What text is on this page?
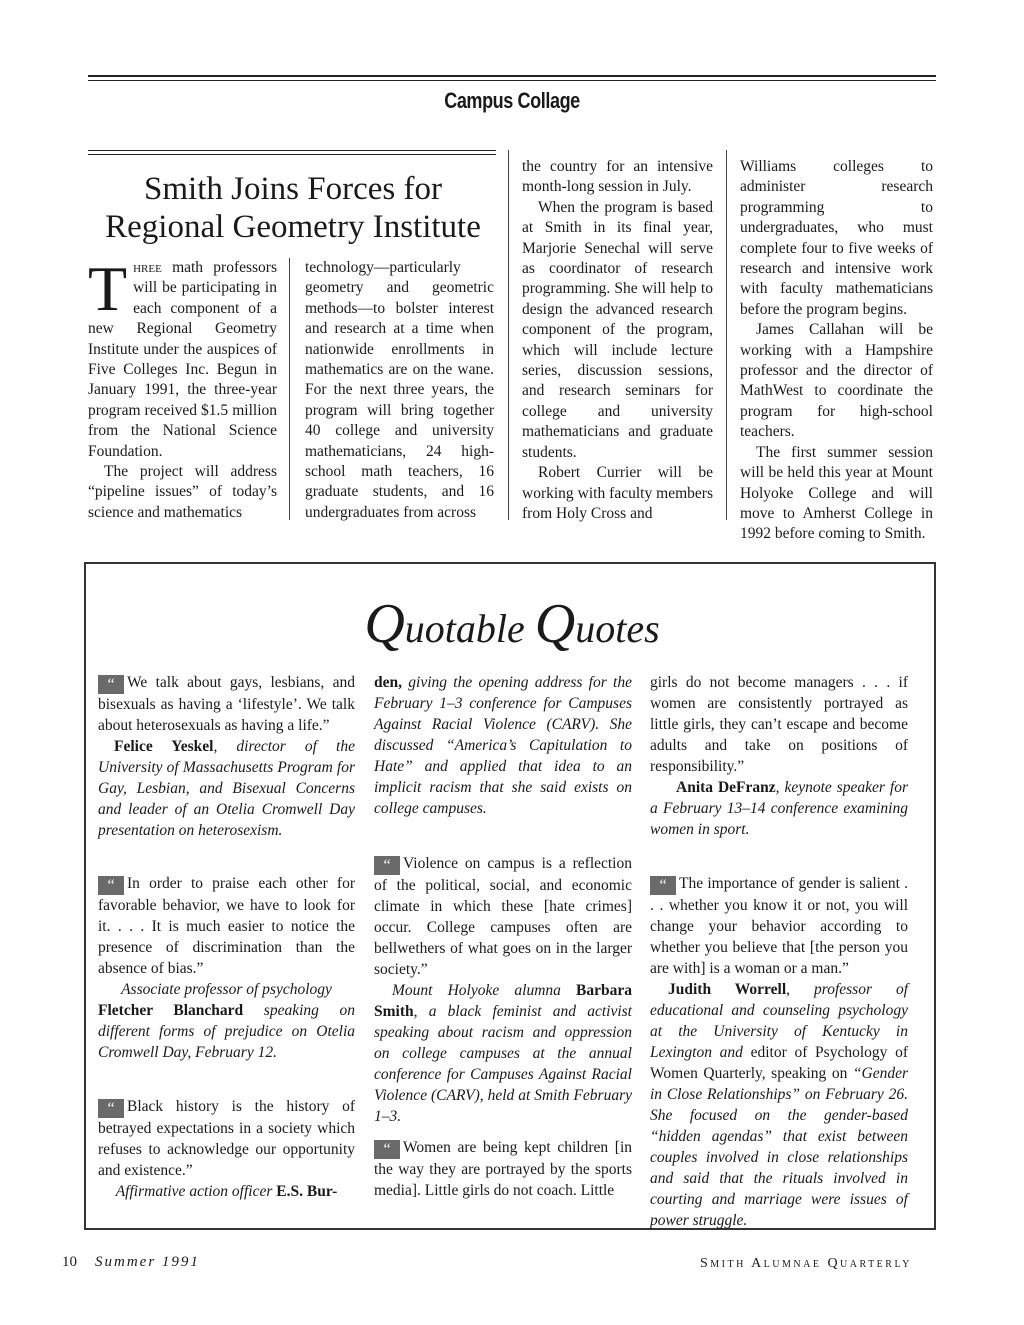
Campus Collage
Smith Joins Forces for
Regional Geometry Institute

Three math professors will be participating in each component of a new Regional Geometry Institute under the auspices of Five Colleges Inc. Begun in January 1991, the three-year program received $1.5 million from the National Science Foundation.

The project will address “pipeline issues” of today’s science and mathematics

technology—particularly geometry and geometric methods—to bolster interest and research at a time when nationwide enrollments in mathematics are on the wane. For the next three years, the program will bring together 40 college and university mathematicians, 24 high-school math teachers, 16 graduate students, and 16 undergraduates from across

the country for an intensive month-long session in July.

When the program is based at Smith in its final year, Marjorie Senechal will serve as coordinator of research programming. She will help to design the advanced research component of the program, which will include lecture series, discussion sessions, and research seminars for college and university mathematicians and graduate students.

Robert Currier will be working with faculty members from Holy Cross and

Williams colleges to administer research programming to undergraduates, who must complete four to five weeks of research and intensive work with faculty mathematicians before the program begins.

James Callahan will be working with a Hampshire professor and the director of MathWest to coordinate the program for high-school teachers.

The first summer session will be held this year at Mount Holyoke College and will move to Amherst College in 1992 before coming to Smith.

Quotable Quotes

“ We talk about gays, lesbians, and bisexuals as having a ‘lifestyle’. We talk about heterosexuals as having a life.”

Felice Yeskel, director of the University of Massachusetts Program for Gay, Lesbian, and Bisexual Concerns and leader of an Otelia Cromwell Day presentation on heterosexism.

“ In order to praise each other for favorable behavior, we have to look for it. . . . It is much easier to notice the presence of discrimination than the absence of bias.”

Associate professor of psychology

Fletcher Blanchard speaking on different forms of prejudice on Otelia Cromwell Day, February 12.

“ Black history is the history of betrayed expectations in a society which refuses to acknowledge our opportunity and existence.”

Affirmative action officer E.S. Bur-

den, giving the opening address for the February 1–3 conference for Campuses Against Racial Violence (CARV). She discussed “America’s Capitulation to Hate” and applied that idea to an implicit racism that she said exists on college campuses.

“ Violence on campus is a reflection of the political, social, and economic climate in which these [hate crimes] occur. College campuses often are bellwethers of what goes on in the larger society.”

Mount Holyoke alumna Barbara Smith, a black feminist and activist speaking about racism and oppression on college campuses at the annual conference for Campuses Against Racial Violence (CARV), held at Smith February 1–3.

“ Women are being kept children [in the way they are portrayed by the sports media]. Little girls do not coach. Little

girls do not become managers . . . if women are consistently portrayed as little girls, they can’t escape and become adults and take on positions of responsibility.”

Anita DeFranz, keynote speaker for a February 13–14 conference examining women in sport.

“ The importance of gender is salient . . . whether you know it or not, you will change your behavior according to whether you believe that [the person you are with] is a woman or a man.”

Judith Worrell, professor of educational and counseling psychology at the University of Kentucky in Lexington and editor of Psychology of Women Quarterly, speaking on “Gender in Close Relationships” on February 26. She focused on the gender-based “hidden agendas” that exist between couples involved in close relationships and said that the rituals involved in courting and marriage were issues of power struggle.

10 Summer 1991	Smith Alumnae Quarterly
